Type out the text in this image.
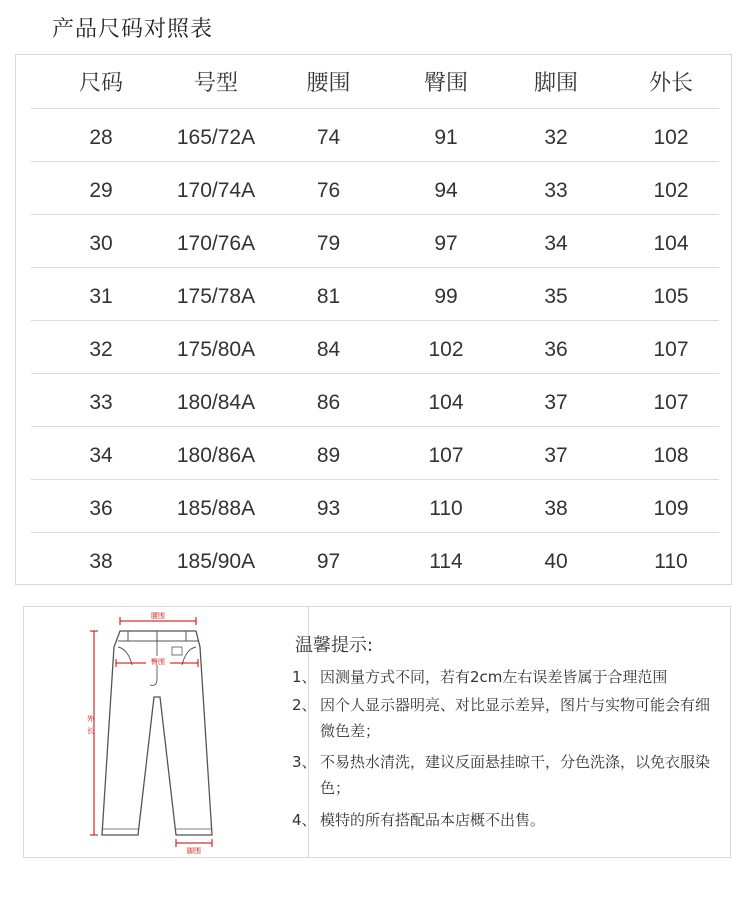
产品尺码对照表
尺码	号型	腰围	臀围	脚围	外长
28	165/72A	74	91	32	102
29	170/74A	76	94	33	102
30	170/76A	79	97	34	104
31	175/78A	81	99	35	105
32	175/80A	84	102	36	107
33	180/84A	86	104	37	107
34	180/86A	89	107	37	108
36	185/88A	93	110	38	109
38	185/90A	97	114	40	110
腰围
臀围
外
长
脚围
温馨提示:
1、 因测量方式不同，若有2cm左右误差皆属于合理范围
2、 因个人显示器明亮、对比显示差异，图片与实物可能会有细微色差；
3、 不易热水清洗，建议反面悬挂晾干，分色洗涤，以免衣服染色；
4、 模特的所有搭配品本店概不出售。
